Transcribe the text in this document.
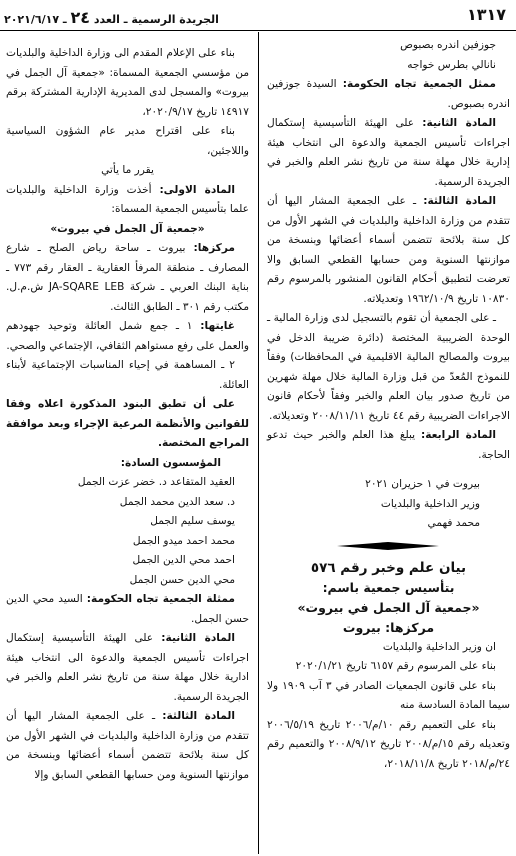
١٣١٧
الجريدة الرسمية ـ العدد ٢٤ ـ ٢٠٢١/٦/١٧

جوزفين اندره بصبوص

نانالي بطرس خواجه

ممثل الجمعية تجاه الحكومة: السيدة جوزفين اندره بصبوص.

المادة الثانية: على الهيئة التأسيسية إستكمال اجراءات تأسيس الجمعية والدعوة الى انتخاب هيئة إدارية خلال مهلة سنة من تاريخ نشر العلم والخبر في الجريدة الرسمية.

المادة الثالثة: ـ على الجمعية المشار اليها أن تتقدم من وزارة الداخلية والبلديات في الشهر الأول من كل سنة بلائحة تتضمن أسماء أعضائها وبنسخة من موازنتها السنوية ومن حسابها القطعي السابق والا تعرضت لتطبيق أحكام القانون المنشور بالمرسوم رقم ١٠٨٣٠ تاريخ ١٩٦٢/١٠/٩ وتعديلاته.

ـ على الجمعية أن تقوم بالتسجيل لدى وزارة المالية ـ الوحدة الضريبية المختصة (دائرة ضريبة الدخل في بيروت والمصالح المالية الاقليمية في المحافظات) وفقاً للنموذج المُعدّ من قبل وزارة المالية خلال مهلة شهرين من تاريخ صدور بيان العلم والخبر وفقاً لأحكام قانون الاجراءات الضريبية رقم ٤٤ تاريخ ٢٠٠٨/١١/١١ وتعديلاته.

المادة الرابعة: يبلغ هذا العلم والخبر حيث تدعو الحاجة.

بيروت في ١ حزيران ٢٠٢١

وزير الداخلية والبلديات

محمد فهمي

بيان علم وخبر رقم ٥٧٦

بتأسيس جمعية باسم:

«جمعية آل الجمل في بيروت»

مركزها: بيروت

ان وزير الداخلية والبلديات

بناء على المرسوم رقم ٦١٥٧ تاريخ ٢٠٢٠/١/٢١

بناء على قانون الجمعيات الصادر في ٣ آب ١٩٠٩ ولا سيما المادة السادسة منه

بناء على التعميم رقم ١٠/م/٢٠٠٦ تاريخ ٢٠٠٦/٥/١٩ وتعديله رقم ١٥/م/٢٠٠٨ تاريخ ٢٠٠٨/٩/١٢ والتعميم رقم ٢٤/م/٢٠١٨ تاريخ ٢٠١٨/١١/٨،

بناء على الإعلام المقدم الى وزارة الداخلية والبلديات من مؤسسي الجمعية المسماة: «جمعية آل الجمل في بيروت» والمسجل لدى المديرية الإدارية المشتركة برقم ١٤٩١٧ تاريخ ٢٠٢٠/٩/١٧،

بناء على اقتراح مدير عام الشؤون السياسية واللاجئين،

يقرر ما يأتي

المادة الاولى: أخذت وزارة الداخلية والبلديات علما بتأسيس الجمعية المسماة:

«جمعية آل الجمل في بيروت»

مركزها: بيروت ـ ساحة رياض الصلح ـ شارع المصارف ـ منطقة المرفأ العقارية ـ العقار رقم ٧٧٣ ـ بناية البنك العربي ـ شركة JA-SQARE LEB ش.م.ل. مكتب رقم ٣٠١ ـ الطابق الثالث.

غايتها: ١ ـ جمع شمل العائلة وتوحيد جهودهم والعمل على رفع مستواهم الثقافي، الإجتماعي والصحي.

٢ ـ المساهمة في إحياء المناسبات الإجتماعية لأبناء العائلة.

على أن تطبق البنود المذكورة اعلاه وفقا للقوانين والأنظمة المرعية الإجراء وبعد موافقة المراجع المختصة.

المؤسسون السادة:

العقيد المتقاعد د. خضر عزت الجمل

د. سعد الدين محمد الجمل

يوسف سليم الجمل

محمد احمد ميدو الجمل

احمد محي الدين الجمل

محي الدين حسن الجمل

ممثلة الجمعية تجاه الحكومة: السيد محي الدين حسن الجمل.

المادة الثانية: على الهيئة التأسيسية إستكمال اجراءات تأسيس الجمعية والدعوة الى انتخاب هيئة ادارية خلال مهلة سنة من تاريخ نشر العلم والخبر في الجريدة الرسمية.

المادة الثالثة: ـ على الجمعية المشار اليها أن تتقدم من وزارة الداخلية والبلديات في الشهر الأول من كل سنة بلائحة تتضمن أسماء أعضائها وبنسخة من موازنتها السنوية ومن حسابها القطعي السابق وإلا
